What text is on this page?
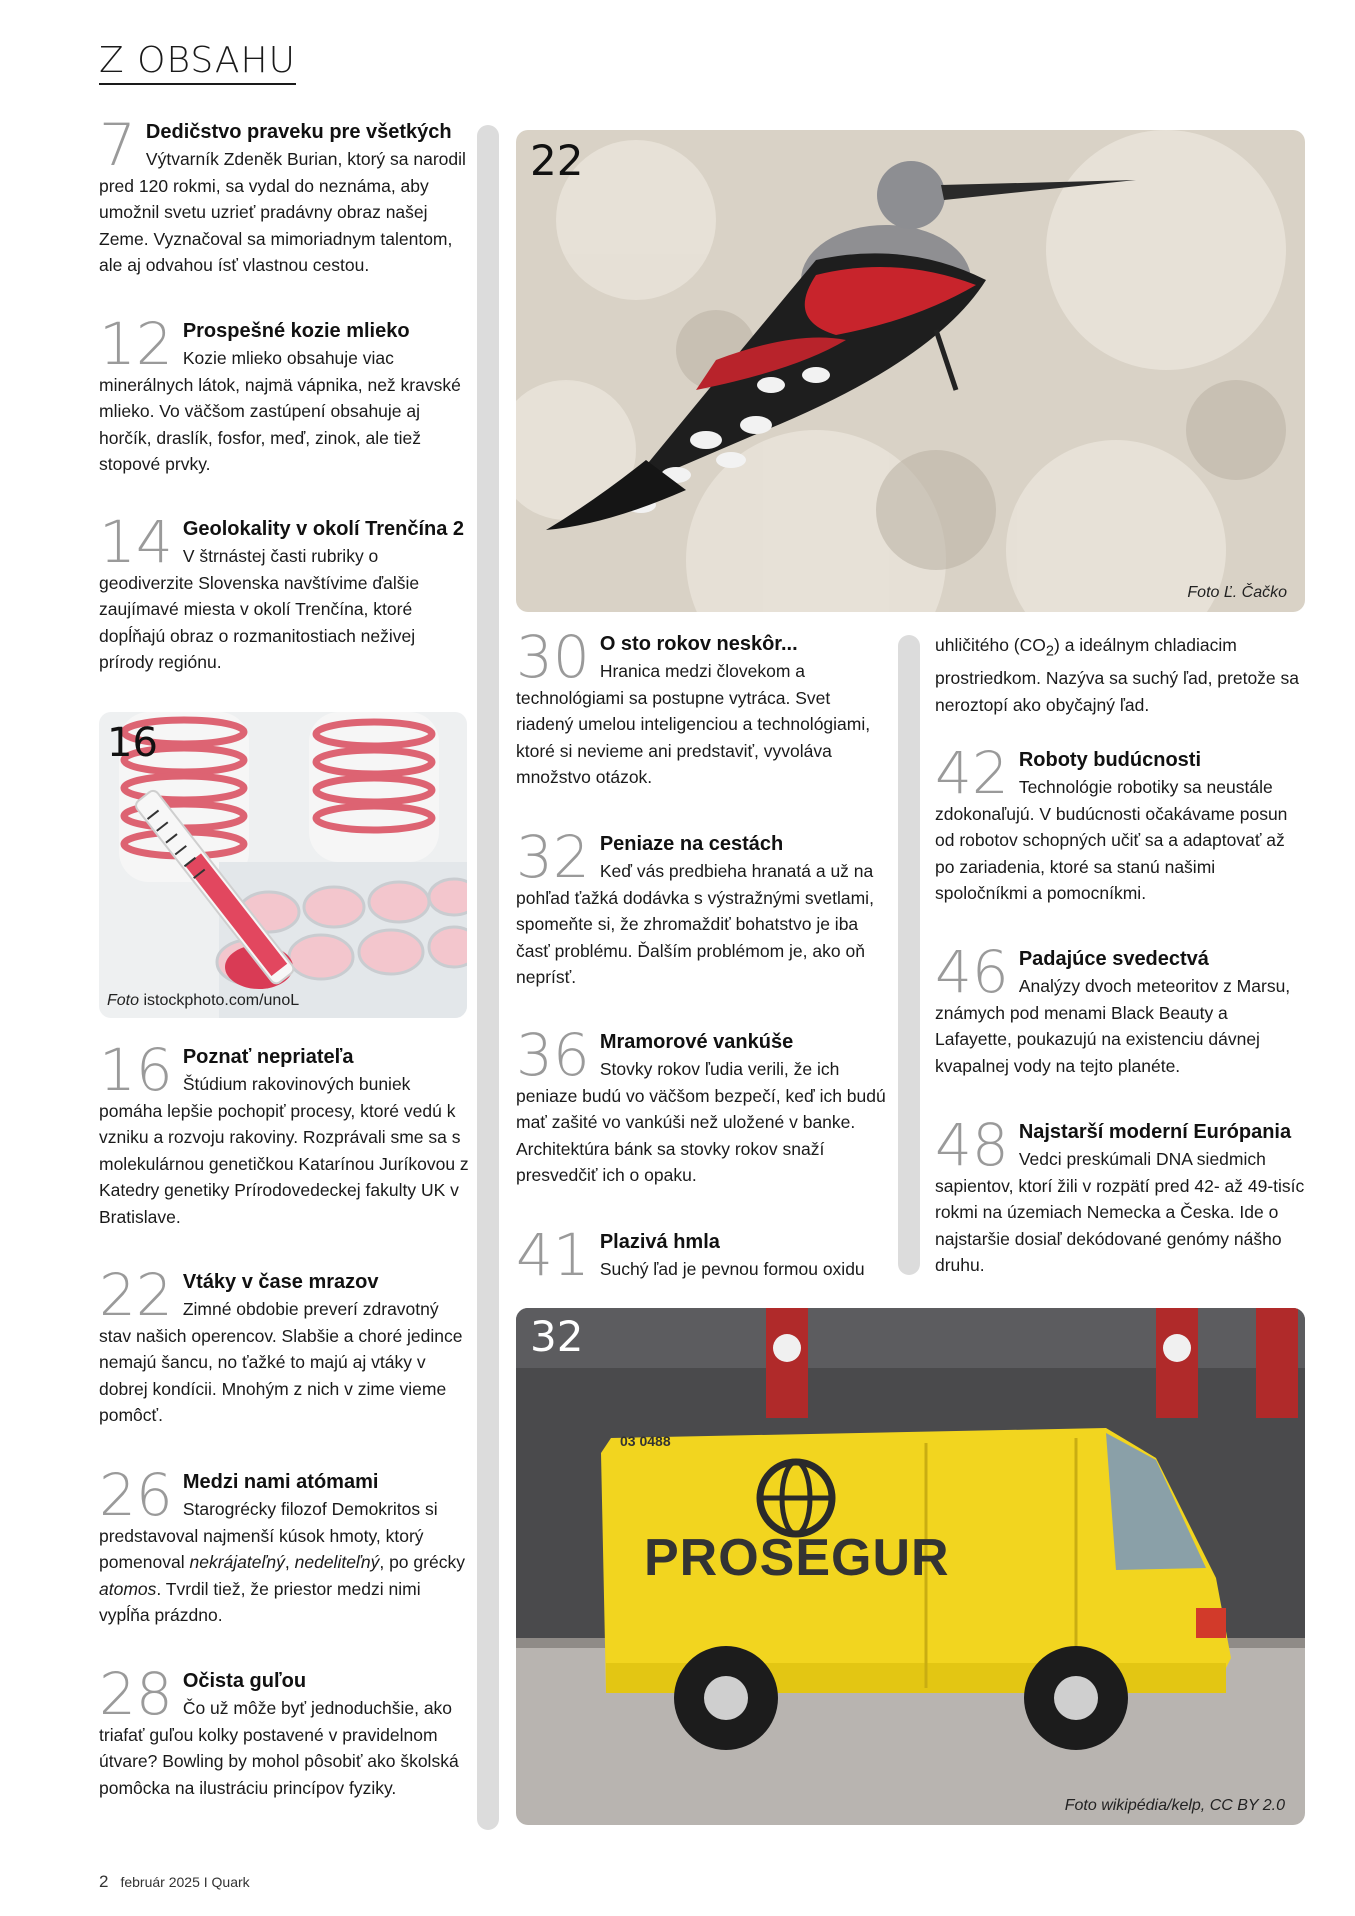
Z OBSAHU
7 Dedičstvo praveku pre všetkých
Výtvarník Zdeněk Burian, ktorý sa narodil pred 120 rokmi, sa vydal do neznáma, aby umožnil svetu uzrieť pradávny obraz našej Zeme. Vyznačoval sa mimoriadnym talentom, ale aj odvahou ísť vlastnou cestou.
12 Prospešné kozie mlieko
Kozie mlieko obsahuje viac minerálnych látok, najmä vápnika, než kravské mlieko. Vo väčšom zastúpení obsahuje aj horčík, draslík, fosfor, meď, zinok, ale tiež stopové prvky.
14 Geolokality v okolí Trenčína 2
V štrnástej časti rubriky o geodiverzite Slovenska navštívime ďalšie zaujímavé miesta v okolí Trenčína, ktoré dopĺňajú obraz o rozmanitostiach neživej prírody regiónu.
16
Foto istockphoto.com/unoL
16 Poznať nepriateľa
Štúdium rakovinových buniek pomáha lepšie pochopiť procesy, ktoré vedú k vzniku a rozvoju rakoviny. Rozprávali sme sa s molekulárnou genetičkou Katarínou Juríkovou z Katedry genetiky Prírodovedeckej fakulty UK v Bratislave.
22 Vtáky v čase mrazov
Zimné obdobie preverí zdravotný stav našich operencov. Slabšie a choré jedince nemajú šancu, no ťažké to majú aj vtáky v dobrej kondícii. Mnohým z nich v zime vieme pomôcť.
26 Medzi nami atómami
Starogrécky filozof Demokritos si predstavoval najmenší kúsok hmoty, ktorý pomenoval nekrájateľný, nedeliteľný, po grécky atomos. Tvrdil tiež, že priestor medzi nimi vypĺňa prázdno.
28 Očista guľou
Čo už môže byť jednoduchšie, ako triafať guľou kolky postavené v pravidelnom útvare? Bowling by mohol pôsobiť ako školská pomôcka na ilustráciu princípov fyziky.
22
Foto Ľ. Čačko
30 O sto rokov neskôr...
Hranica medzi človekom a technológiami sa postupne vytráca. Svet riadený umelou inteligenciou a technológiami, ktoré si nevieme ani predstaviť, vyvoláva množstvo otázok.
32 Peniaze na cestách
Keď vás predbieha hranatá a už na pohľad ťažká dodávka s výstražnými svetlami, spomeňte si, že zhromaždiť bohatstvo je iba časť problému. Ďalším problémom je, ako oň neprísť.
36 Mramorové vankúše
Stovky rokov ľudia verili, že ich peniaze budú vo väčšom bezpečí, keď ich budú mať zašité vo vankúši než uložené v banke. Architektúra bánk sa stovky rokov snaží presvedčiť ich o opaku.
41 Plazivá hmla
Suchý ľad je pevnou formou oxidu
uhličitého $(CO_2)$ a ideálnym chladiacim prostriedkom. Nazýva sa suchý ľad, pretože sa neroztopí ako obyčajný ľad.
42 Roboty budúcnosti
Technológie robotiky sa neustále zdokonaľujú. V budúcnosti očakávame posun od robotov schopných učiť sa a adaptovať až po zariadenia, ktoré sa stanú našimi spoločníkmi a pomocníkmi.
46 Padajúce svedectvá
Analýzy dvoch meteoritov z Marsu, známych pod menami Black Beauty a Lafayette, poukazujú na existenciu dávnej kvapalnej vody na tejto planéte.
48 Najstarší moderní Európania
Vedci preskúmali DNA siedmich sapientov, ktorí žili v rozpätí pred 42- až 49-tisíc rokmi na územiach Nemecka a Česka. Ide o najstaršie dosiaľ dekódované genómy nášho druhu.
03 0488
PROSEGUR
32
Foto wikipédia/kelp, CC BY 2.0
2 február 2025 I Quark
